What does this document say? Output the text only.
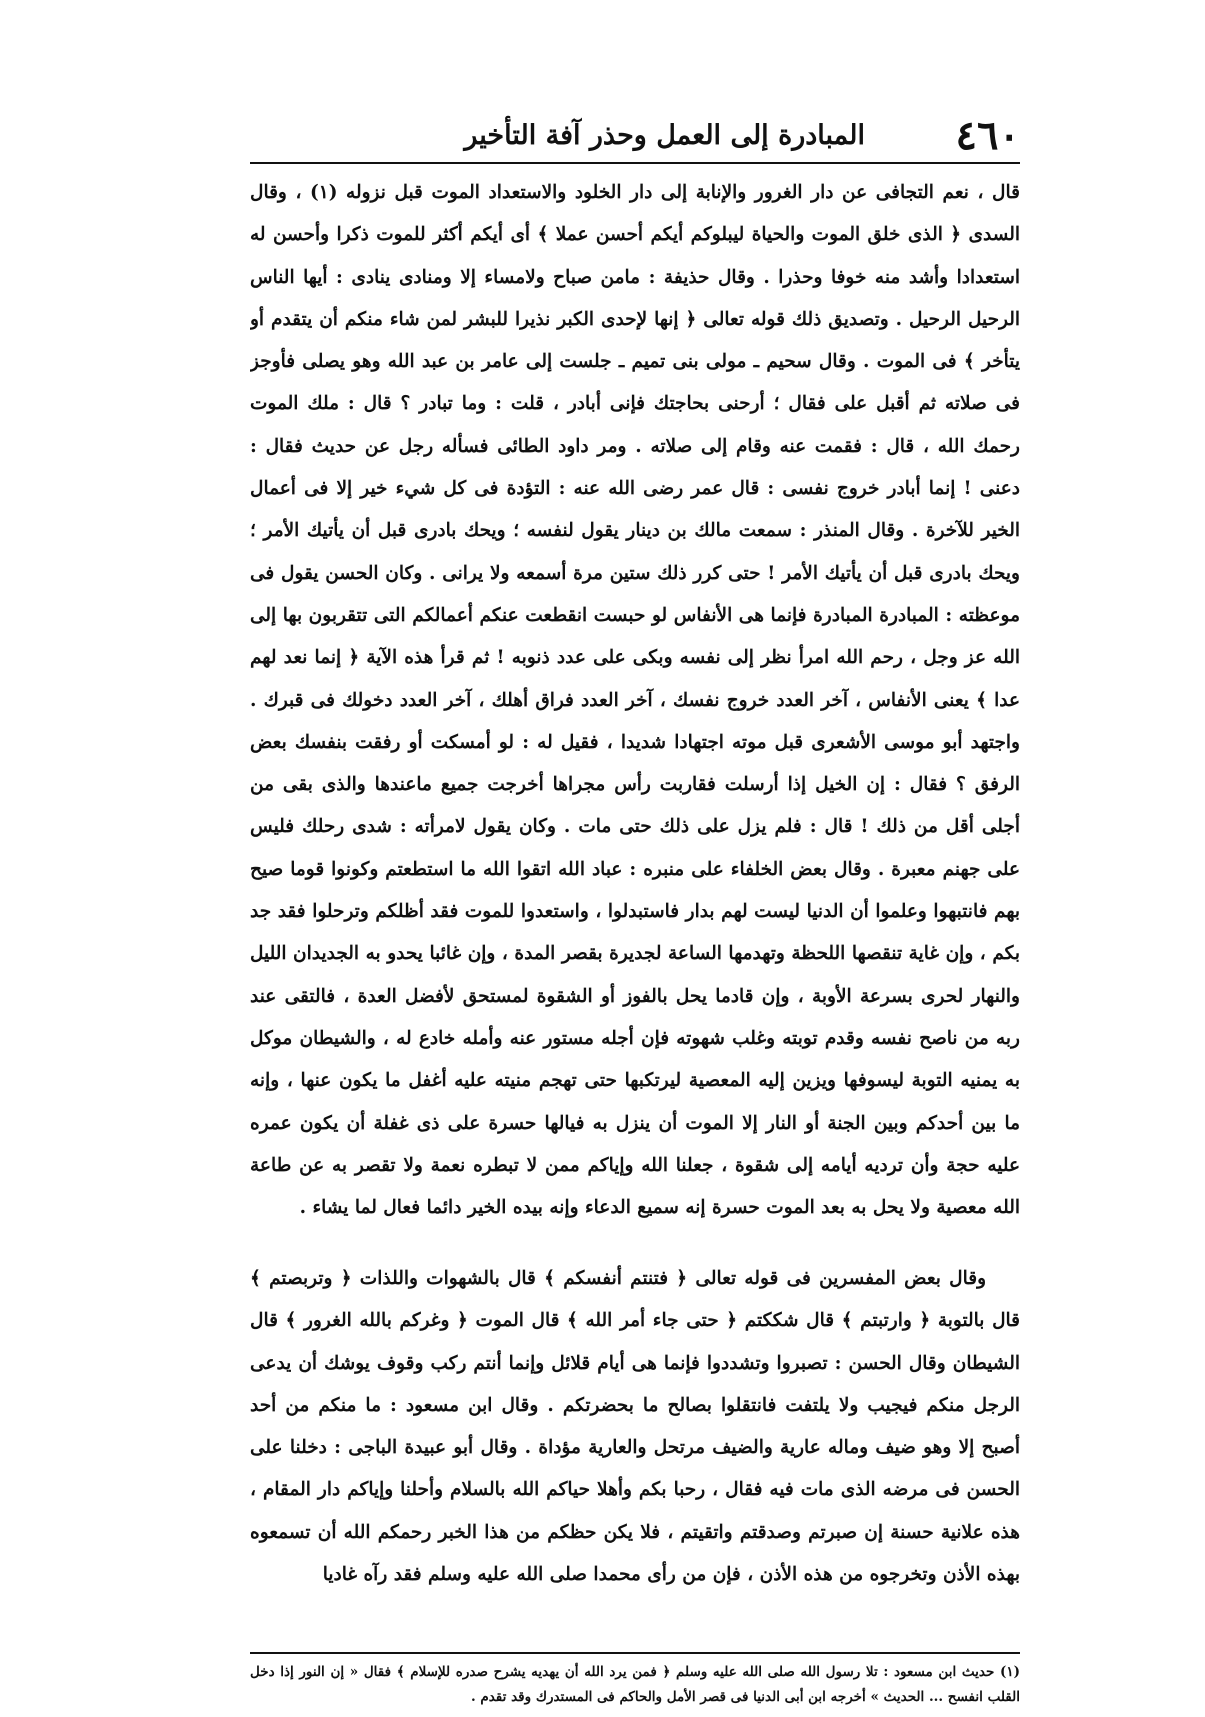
٤٦٠
المبادرة إلى العمل وحذر آفة التأخير

قال ، نعم التجافى عن دار الغرور والإنابة إلى دار الخلود والاستعداد الموت قبل نزوله (١) ، وقال السدى ﴿ الذى خلق الموت والحياة ليبلوكم أيكم أحسن عملا ﴾ أى أيكم أكثر للموت ذكرا وأحسن له استعدادا وأشد منه خوفا وحذرا . وقال حذيفة : مامن صباح ولامساء إلا ومنادى ينادى : أيها الناس الرحيل الرحيل . وتصديق ذلك قوله تعالى ﴿ إنها لإحدى الكبر نذيرا للبشر لمن شاء منكم أن يتقدم أو يتأخر ﴾ فى الموت . وقال سحيم ـ مولى بنى تميم ـ جلست إلى عامر بن عبد الله وهو يصلى فأوجز فى صلاته ثم أقبل على فقال ؛ أرحنى بحاجتك فإنى أبادر ، قلت : وما تبادر ؟ قال : ملك الموت رحمك الله ، قال : فقمت عنه وقام إلى صلاته . ومر داود الطائى فسأله رجل عن حديث فقال : دعنى ! إنما أبادر خروج نفسى : قال عمر رضى الله عنه : التؤدة فى كل شيء خير إلا فى أعمال الخير للآخرة . وقال المنذر : سمعت مالك بن دينار يقول لنفسه ؛ ويحك بادرى قبل أن يأتيك الأمر ؛ ويحك بادرى قبل أن يأتيك الأمر ! حتى كرر ذلك ستين مرة أسمعه ولا يرانى . وكان الحسن يقول فى موعظته : المبادرة المبادرة فإنما هى الأنفاس لو حبست انقطعت عنكم أعمالكم التى تتقربون بها إلى الله عز وجل ، رحم الله امرأ نظر إلى نفسه وبكى على عدد ذنوبه ! ثم قرأ هذه الآية ﴿ إنما نعد لهم عدا ﴾ يعنى الأنفاس ، آخر العدد خروج نفسك ، آخر العدد فراق أهلك ، آخر العدد دخولك فى قبرك . واجتهد أبو موسى الأشعرى قبل موته اجتهادا شديدا ، فقيل له : لو أمسكت أو رفقت بنفسك بعض الرفق ؟ فقال : إن الخيل إذا أرسلت فقاربت رأس مجراها أخرجت جميع ماعندها والذى بقى من أجلى أقل من ذلك ! قال : فلم يزل على ذلك حتى مات . وكان يقول لامرأته : شدى رحلك فليس على جهنم معبرة . وقال بعض الخلفاء على منبره : عباد الله اتقوا الله ما استطعتم وكونوا قوما صيح بهم فانتبهوا وعلموا أن الدنيا ليست لهم بدار فاستبدلوا ، واستعدوا للموت فقد أظلكم وترحلوا فقد جد بكم ، وإن غاية تنقصها اللحظة وتهدمها الساعة لجديرة بقصر المدة ، وإن غائبا يحدو به الجديدان الليل والنهار لحرى بسرعة الأوبة ، وإن قادما يحل بالفوز أو الشقوة لمستحق لأفضل العدة ، فالتقى عند ربه من ناصح نفسه وقدم توبته وغلب شهوته فإن أجله مستور عنه وأمله خادع له ، والشيطان موكل به يمنيه التوبة ليسوفها ويزين إليه المعصية ليرتكبها حتى تهجم منيته عليه أغفل ما يكون عنها ، وإنه ما بين أحدكم وبين الجنة أو النار إلا الموت أن ينزل به فيالها حسرة على ذى غفلة أن يكون عمره عليه حجة وأن ترديه أيامه إلى شقوة ، جعلنا الله وإياكم ممن لا تبطره نعمة ولا تقصر به عن طاعة الله معصية ولا يحل به بعد الموت حسرة إنه سميع الدعاء وإنه بيده الخير دائما فعال لما يشاء .

وقال بعض المفسرين فى قوله تعالى ﴿ فتنتم أنفسكم ﴾ قال بالشهوات واللذات ﴿ وتربصتم ﴾ قال بالتوبة ﴿ وارتبتم ﴾ قال شككتم ﴿ حتى جاء أمر الله ﴾ قال الموت ﴿ وغركم بالله الغرور ﴾ قال الشيطان وقال الحسن : تصبروا وتشددوا فإنما هى أيام قلائل وإنما أنتم ركب وقوف يوشك أن يدعى الرجل منكم فيجيب ولا يلتفت فانتقلوا بصالح ما بحضرتكم . وقال ابن مسعود : ما منكم من أحد أصبح إلا وهو ضيف وماله عارية والضيف مرتحل والعارية مؤداة . وقال أبو عبيدة الباجى : دخلنا على الحسن فى مرضه الذى مات فيه فقال ، رحبا بكم وأهلا حياكم الله بالسلام وأحلنا وإياكم دار المقام ، هذه علانية حسنة إن صبرتم وصدقتم واتقيتم ، فلا يكن حظكم من هذا الخبر رحمكم الله أن تسمعوه بهذه الأذن وتخرجوه من هذه الأذن ، فإن من رأى محمدا صلى الله عليه وسلم فقد رآه غاديا

(١) حديث ابن مسعود : تلا رسول الله صلى الله عليه وسلم ﴿ فمن يرد الله أن يهديه يشرح صدره للإسلام ﴾ فقال « إن النور إذا دخل القلب انفسح ... الحديث » أخرجه ابن أبى الدنيا فى قصر الأمل والحاكم فى المستدرك وقد تقدم .
